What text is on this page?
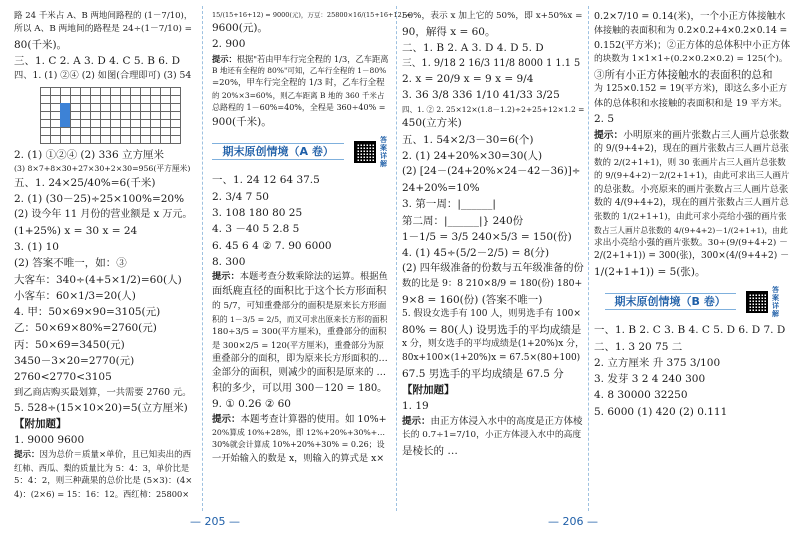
路 24 千米占 A、B 两地间路程的 (1－7/10)，
所以 A、B 两地间的路程是 24÷(1－7/10) =
80(千米)。
三、1. C 2. A 3. D 4. C 5. B 6. D
四、1. (1) ②④ (2) 如图(合理即可) (3) 54
2. (1) ①②④ (2) 336 立方厘米
(3) 8×7+8×30+27×30+2×30=956(平方厘米)
五、1. 24×25/40%=6(千米)
2. (1) (30－25)÷25×100%=20%
(2) 设今年 11 月份的营业额是 x 万元。
(1+25%) x = 30 x = 24
3. (1) 10
(2) 答案不唯一，如：③
大客车：340÷(4+5×1/2)=60(人)
小客车：60×1/3=20(人)
4. 甲：50×69×90=3105(元)
乙：50×69×80%=2760(元)
丙：50×69=3450(元)
3450－3×20=2770(元)
2760<2770<3105
到乙商店购买最划算，一共需要 2760 元。
5. 528÷(15×10×20)=5(立方厘米)
【附加题】
1. 9000 9600
提示：因为总价＝质量×单价，且已知卖出的西
红柿、西瓜、梨的质量比为 5：4：3，单价比是
5：4：2，则三种蔬果的总价比是 (5×3)：(4×
4)：(2×6) = 15：16：12。西红柿：25800×
15/(15+16+12) = 9000(元)，万豆：25800×16/(15+16+12) =
9600(元)。
2. 900
提示：根据"若由甲车行完全程的 1/3，乙车距离
B 地还有全程的 80%"可知，乙车行全程的 1－80%
=20%，甲车行完全程的 1/3 时，乙车行全程
的 20%×3=60%，则乙车距离 B 地的 360 千米占
总路程的 1－60%=40%，全程是 360÷40% =
900(千米)。
期末原创情境（A 卷）  答案详解
一、1. 24 12 64 37.5
2. 3/4 7 50
3. 108 180 80 25
4. 3 －40 5 2.8 5
6. 45 6 4 ② 7. 90 6000
8. 300
提示：本题考查分数乘除法的运算。根据鱼
面纸鹿直径的面积比于这个长方形面积
的 5/7，可知重叠部分的面积是原来长方形面
积的 1－3/5 = 2/5，而又可求出原来长方形的面积
180÷3/5 = 300(平方厘米)，重叠部分的面积
是 300×2/5 = 120(平方厘米)，重叠部分为原
重叠部分的面积，即为原来长方形面积的…
金部分的面积，则减少的面积是原来的 …
积的多少，可以用 300－120 = 180。
9. ① 0.26 ② 60
提示：本题考查计算器的使用。如 10%+
20%算成 10%+28%，即 12%+20%+30%+…
30%就会计算成 10%+20%+30% = 0.26；设
一开始输入的数是 x，则输入的算式是 x×
50%，表示 x 加上它的 50%，即 x+50%x =
90，解得 x = 60。
二、1. B 2. A 3. D 4. D 5. D
三、1. 9/18 2 16/3 11/8 8000 1 1.1 5
2. x = 20/9 x = 9 x = 9/4
3. 36 3/8 336 1/10 41/33 3/25
四、1. ② 2. 25×12×(1.8－1.2)÷2+25+12×1.2 =
450(立方米)
五、1. 54×2/3－30=6(个)
2. (1) 24+20%×30=30(人)
(2) [24－(24+20%×24－42－36)]÷
24+20%=10%
3. 第一周：|______|
第二周：|______|} 240份
1－1/5 = 3/5 240×5/3 = 150(份)
4. (1) 45÷(5/2－2/5) = 8(分)
(2) 四年级准备的份数与五年级准备的份
数的比是 9：8 210×8/9 = 180(份) 180+
9×8 = 160(份) (答案不唯一)
5. 假设女选手有 100 人，则男选手有 100×
80% = 80(人) 设男选手的平均成绩是
x 分，则女选手的平均成绩是(1+20%)x 分，
80x+100×(1+20%)x = 67.5×(80+100)
67.5 男选手的平均成绩是 67.5 分
【附加题】
1. 19
提示：由正方体浸入水中的高度是正方体棱
长的 0.7÷1=7/10，小正方体浸入水中的高度
是棱长的 …
0.2×7/10 = 0.14(米)，一个小正方体接触水
体接触的表面积和为 0.2×0.2+4×0.2×0.14 =
0.152(平方米)；②正方体的总体积中小正方体
的块数为 1×1×1÷(0.2×0.2×0.2) = 125(个)。
③所有小正方体接触水的表面积的总和
为 125×0.152 = 19(平方米)，即这么多小正方
体的总体积和水接触的表面积和是 19 平方米。
2. 5
提示：小明原来的画片张数占三人画片总张数
的 9/(9+4+2)，现在的画片张数占三人画片总张
数的 2/(2+1+1)，则 30 张画片占三人画片总张数
的 9/(9+4+2)－2/(2+1+1)，由此可求出三人画片
的总张数。小亮原来的画片张数占三人画片总张
数的 4/(9+4+2)，现在的画片张数占三人画片总
张数的 1/(2+1+1)，由此可求小亮给小强的画片张
数占三人画片总张数的 4/(9+4+2)－1/(2+1+1)，由此
求出小亮给小强的画片张数。30÷(9/(9+4+2) －
2/(2+1+1)) = 300(张)，300×(4/(9+4+2) －
1/(2+1+1)) = 5(张)。
期末原创情境（B 卷）  答案详解
一、1. B 2. C 3. B 4. C 5. D 6. D 7. D
二、1. 3 20 75 二
2. 立方厘米 升 375 3/100
3. 发芽 3 2 4 240 300
4. 8 30000 32250
5. 6000 (1) 420 (2) 0.111
— 205 —	— 206 —
